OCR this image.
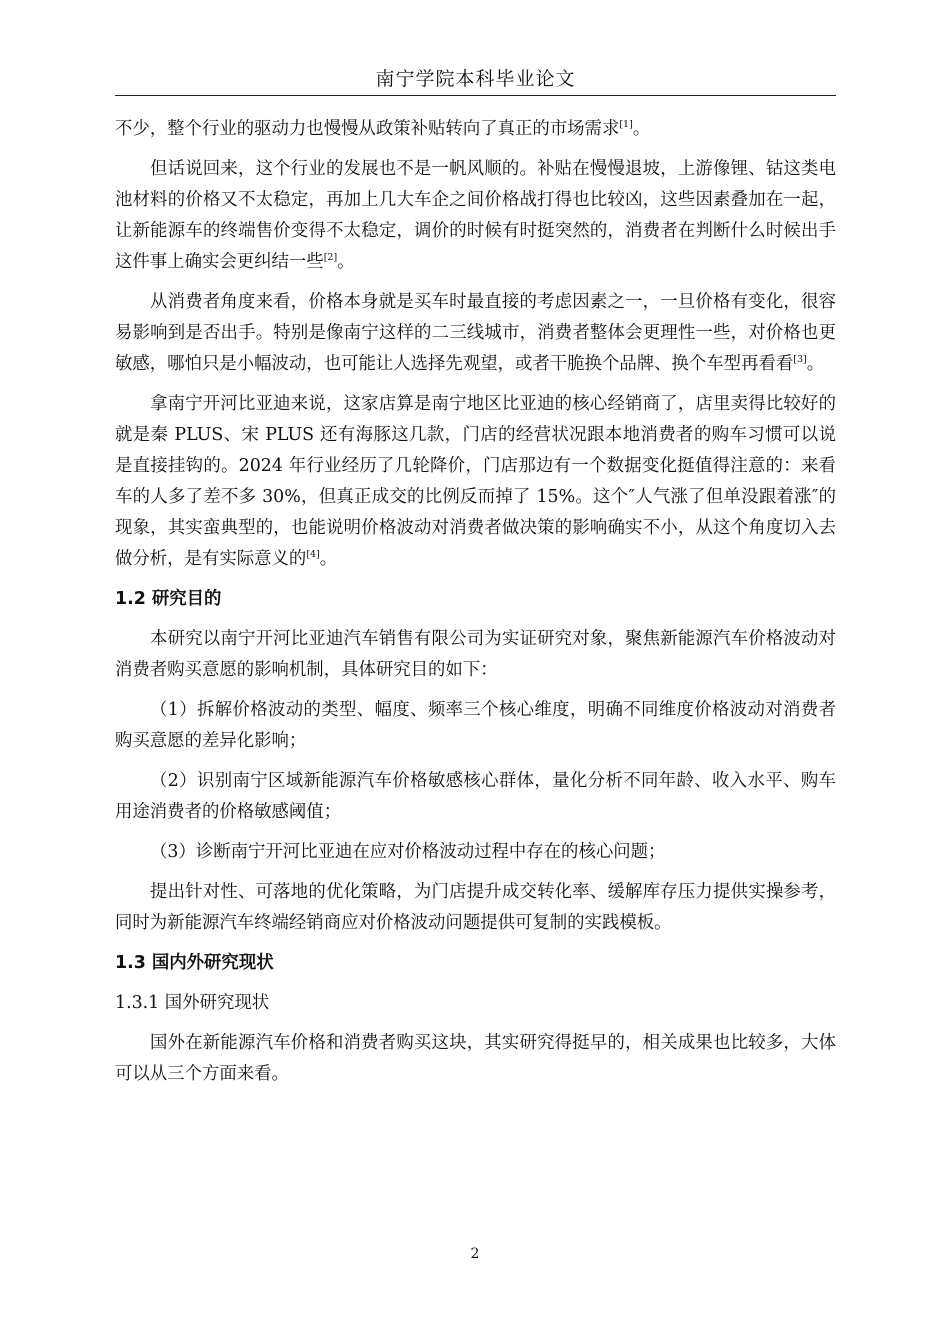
南宁学院本科毕业论文

不少，整个行业的驱动力也慢慢从政策补贴转向了真正的市场需求[1]。

但话说回来，这个行业的发展也不是一帆风顺的。补贴在慢慢退坡，上游像锂、钴这类电池材料的价格又不太稳定，再加上几大车企之间价格战打得也比较凶，这些因素叠加在一起，让新能源车的终端售价变得不太稳定，调价的时候有时挺突然的，消费者在判断什么时候出手这件事上确实会更纠结一些[2]。

从消费者角度来看，价格本身就是买车时最直接的考虑因素之一，一旦价格有变化，很容易影响到是否出手。特别是像南宁这样的二三线城市，消费者整体会更理性一些，对价格也更敏感，哪怕只是小幅波动，也可能让人选择先观望，或者干脆换个品牌、换个车型再看看[3]。

拿南宁开河比亚迪来说，这家店算是南宁地区比亚迪的核心经销商了，店里卖得比较好的就是秦 PLUS、宋 PLUS 还有海豚这几款，门店的经营状况跟本地消费者的购车习惯可以说是直接挂钩的。2024 年行业经历了几轮降价，门店那边有一个数据变化挺值得注意的：来看车的人多了差不多 30%，但真正成交的比例反而掉了 15%。这个″人气涨了但单没跟着涨″的现象，其实蛮典型的，也能说明价格波动对消费者做决策的影响确实不小，从这个角度切入去做分析，是有实际意义的[4]。

1.2 研究目的

本研究以南宁开河比亚迪汽车销售有限公司为实证研究对象，聚焦新能源汽车价格波动对消费者购买意愿的影响机制，具体研究目的如下：

（1）拆解价格波动的类型、幅度、频率三个核心维度，明确不同维度价格波动对消费者购买意愿的差异化影响；

（2）识别南宁区域新能源汽车价格敏感核心群体，量化分析不同年龄、收入水平、购车用途消费者的价格敏感阈值；

（3）诊断南宁开河比亚迪在应对价格波动过程中存在的核心问题；

提出针对性、可落地的优化策略，为门店提升成交转化率、缓解库存压力提供实操参考，同时为新能源汽车终端经销商应对价格波动问题提供可复制的实践模板。

1.3 国内外研究现状
1.3.1 国外研究现状

国外在新能源汽车价格和消费者购买这块，其实研究得挺早的，相关成果也比较多，大体可以从三个方面来看。

2
